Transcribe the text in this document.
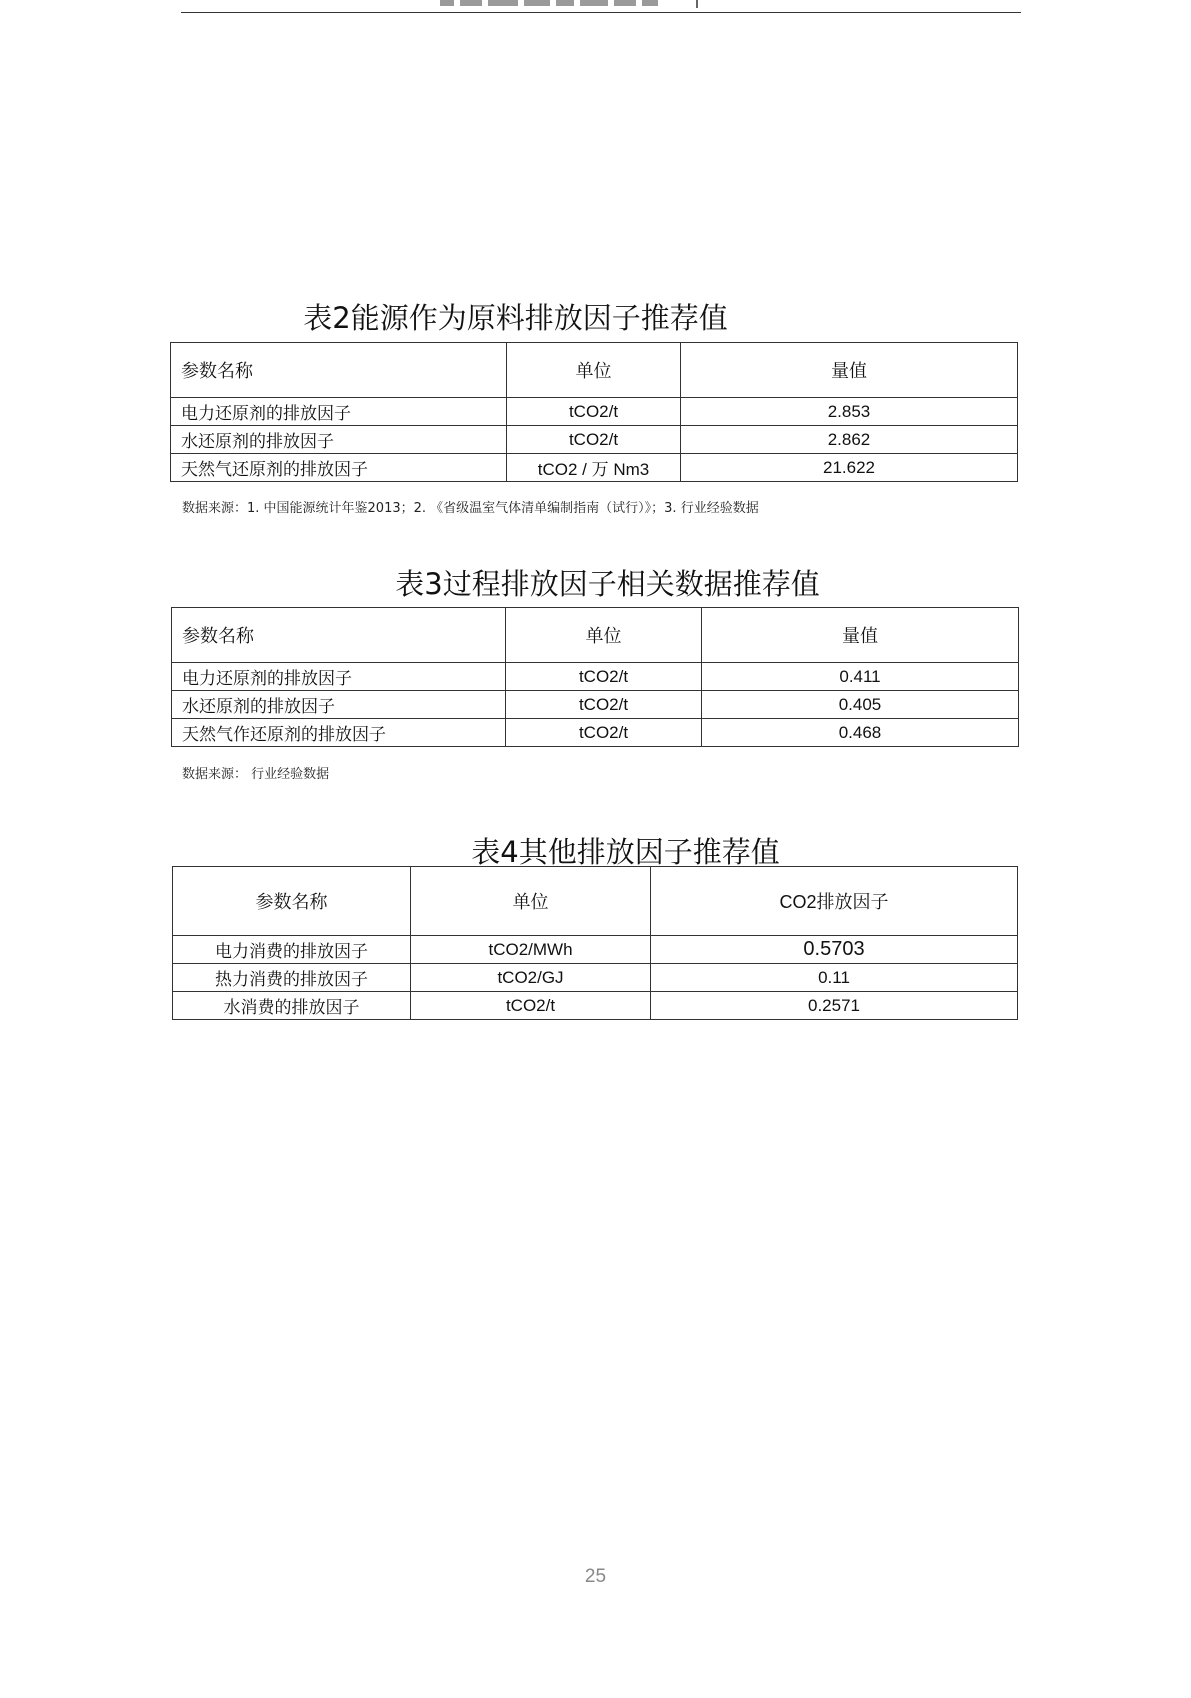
表2能源作为原料排放因子推荐值
参数名称	单位	量值
电力还原剂的排放因子	tCO2/t	2.853
水还原剂的排放因子	tCO2/t	2.862
天然气还原剂的排放因子	tCO2 / 万 Nm3	21.622
数据来源：1. 中国能源统计年鉴2013；2. 《省级温室气体清单编制指南（试行）》；3. 行业经验数据
表3过程排放因子相关数据推荐值
参数名称	单位	量值
电力还原剂的排放因子	tCO2/t	0.411
水还原剂的排放因子	tCO2/t	0.405
天然气作还原剂的排放因子	tCO2/t	0.468
数据来源： 行业经验数据
表4其他排放因子推荐值
参数名称	单位	CO2排放因子
电力消费的排放因子	tCO2/MWh	0.5703
热力消费的排放因子	tCO2/GJ	0.11
水消费的排放因子	tCO2/t	0.2571
25
